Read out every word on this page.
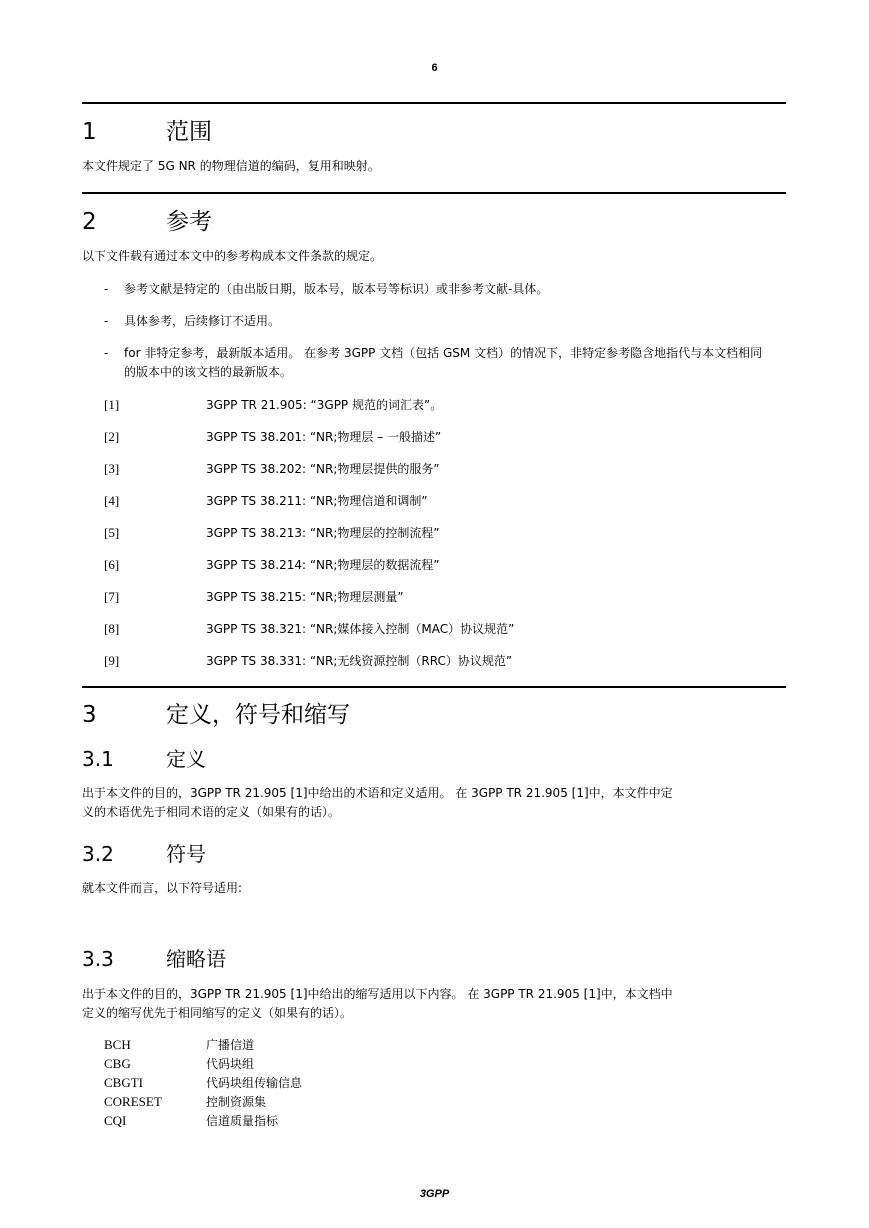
6
1	范围
本文件规定了 5G NR 的物理信道的编码，复用和映射。
2	参考
以下文件载有通过本文中的参考构成本文件条款的规定。
- 参考文献是特定的（由出版日期，版本号，版本号等标识）或非参考文献-具体。
- 具体参考，后续修订不适用。
- for 非特定参考，最新版本适用。 在参考 3GPP 文档（包括 GSM 文档）的情况下，非特定参考隐含地指代与本文档相同的版本中的该文档的最新版本。
[1]	3GPP TR 21.905: “3GPP 规范的词汇表”。
[2]	3GPP TS 38.201: “NR;物理层 – 一般描述”
[3]	3GPP TS 38.202: “NR;物理层提供的服务”
[4]	3GPP TS 38.211: “NR;物理信道和调制”
[5]	3GPP TS 38.213: “NR;物理层的控制流程”
[6]	3GPP TS 38.214: “NR;物理层的数据流程”
[7]	3GPP TS 38.215: “NR;物理层测量”
[8]	3GPP TS 38.321: “NR;媒体接入控制（MAC）协议规范”
[9]	3GPP TS 38.331: “NR;无线资源控制（RRC）协议规范”
3	定义，符号和缩写
3.1	定义
出于本文件的目的，3GPP TR 21.905 [1]中给出的术语和定义适用。 在 3GPP TR 21.905 [1]中，本文件中定
义的术语优先于相同术语的定义（如果有的话）。
3.2	符号
就本文件而言，以下符号适用:
3.3	缩略语
出于本文件的目的，3GPP TR 21.905 [1]中给出的缩写适用以下内容。 在 3GPP TR 21.905 [1]中，本文档中
定义的缩写优先于相同缩写的定义（如果有的话）。
BCH	广播信道
CBG	代码块组
CBGTI	代码块组传输信息
CORESET	控制资源集
CQI	信道质量指标
3GPP
